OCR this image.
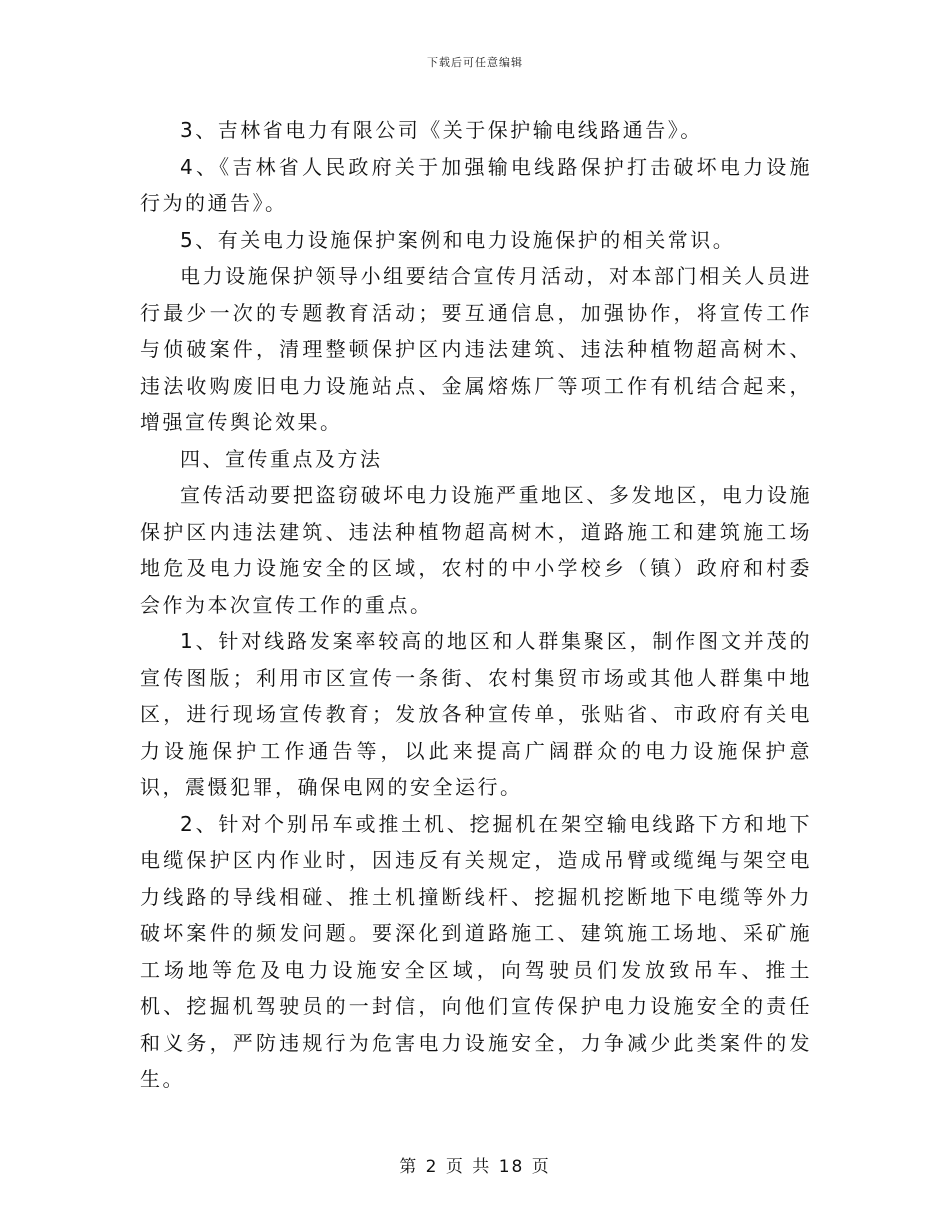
下载后可任意编辑

3、吉林省电力有限公司《关于保护输电线路通告》。

4、《吉林省人民政府关于加强输电线路保护打击破坏电力设施行为的通告》。

5、有关电力设施保护案例和电力设施保护的相关常识。

电力设施保护领导小组要结合宣传月活动，对本部门相关人员进行最少一次的专题教育活动；要互通信息，加强协作，将宣传工作与侦破案件，清理整顿保护区内违法建筑、违法种植物超高树木、违法收购废旧电力设施站点、金属熔炼厂等项工作有机结合起来，增强宣传舆论效果。

四、宣传重点及方法

宣传活动要把盗窃破坏电力设施严重地区、多发地区，电力设施保护区内违法建筑、违法种植物超高树木，道路施工和建筑施工场地危及电力设施安全的区域，农村的中小学校乡（镇）政府和村委会作为本次宣传工作的重点。

1、针对线路发案率较高的地区和人群集聚区，制作图文并茂的宣传图版；利用市区宣传一条街、农村集贸市场或其他人群集中地区，进行现场宣传教育；发放各种宣传单，张贴省、市政府有关电力设施保护工作通告等，以此来提高广阔群众的电力设施保护意识，震慑犯罪，确保电网的安全运行。

2、针对个别吊车或推土机、挖掘机在架空输电线路下方和地下电缆保护区内作业时，因违反有关规定，造成吊臂或缆绳与架空电力线路的导线相碰、推土机撞断线杆、挖掘机挖断地下电缆等外力破坏案件的频发问题。要深化到道路施工、建筑施工场地、采矿施工场地等危及电力设施安全区域，向驾驶员们发放致吊车、推土机、挖掘机驾驶员的一封信，向他们宣传保护电力设施安全的责任和义务，严防违规行为危害电力设施安全，力争减少此类案件的发生。

第 2 页 共 18 页
